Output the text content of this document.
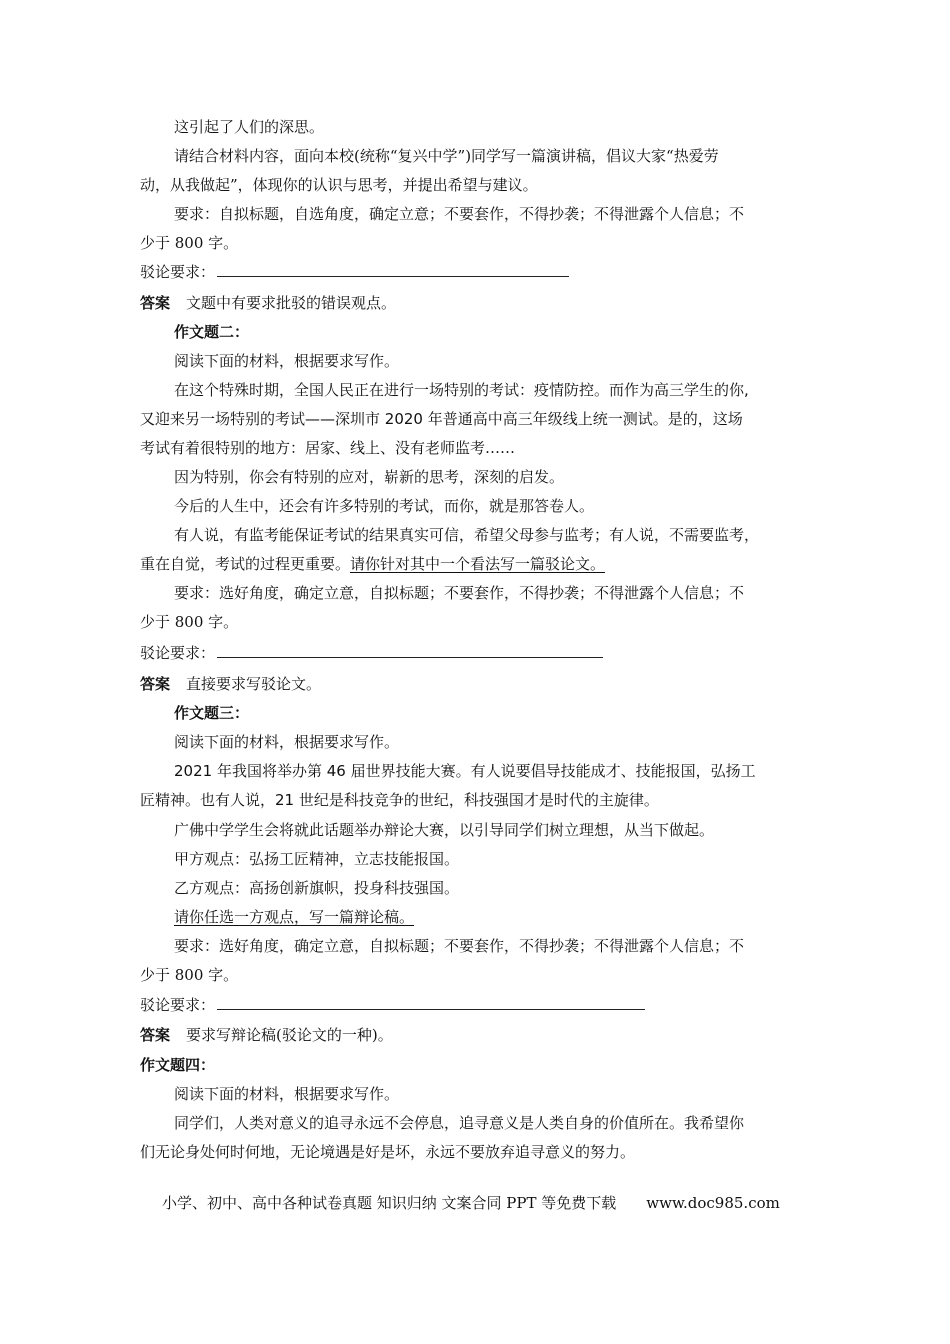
这引起了人们的深思。
请结合材料内容，面向本校(统称“复兴中学”)同学写一篇演讲稿，倡议大家“热爱劳
动，从我做起”，体现你的认识与思考，并提出希望与建议。
要求：自拟标题，自选角度，确定立意；不要套作，不得抄袭；不得泄露个人信息；不
少于 800 字。
驳论要求：
答案 文题中有要求批驳的错误观点。
作文题二：
阅读下面的材料，根据要求写作。
在这个特殊时期，全国人民正在进行一场特别的考试：疫情防控。而作为高三学生的你,
又迎来另一场特别的考试——深圳市 2020 年普通高中高三年级线上统一测试。是的，这场
考试有着很特别的地方：居家、线上、没有老师监考……
因为特别，你会有特别的应对，崭新的思考，深刻的启发。
今后的人生中，还会有许多特别的考试，而你，就是那答卷人。
有人说，有监考能保证考试的结果真实可信，希望父母参与监考；有人说，不需要监考，
重在自觉，考试的过程更重要。请你针对其中一个看法写一篇驳论文。
要求：选好角度，确定立意，自拟标题；不要套作，不得抄袭；不得泄露个人信息；不
少于 800 字。
驳论要求：
答案 直接要求写驳论文。
作文题三：
阅读下面的材料，根据要求写作。
2021 年我国将举办第 46 届世界技能大赛。有人说要倡导技能成才、技能报国，弘扬工
匠精神。也有人说，21 世纪是科技竞争的世纪，科技强国才是时代的主旋律。
广佛中学学生会将就此话题举办辩论大赛，以引导同学们树立理想，从当下做起。
甲方观点：弘扬工匠精神，立志技能报国。
乙方观点：高扬创新旗帜，投身科技强国。
请你任选一方观点，写一篇辩论稿。
要求：选好角度，确定立意，自拟标题；不要套作，不得抄袭；不得泄露个人信息；不
少于 800 字。
驳论要求：
答案 要求写辩论稿(驳论文的一种)。
作文题四：
阅读下面的材料，根据要求写作。
同学们，人类对意义的追寻永远不会停息，追寻意义是人类自身的价值所在。我希望你
们无论身处何时何地，无论境遇是好是坏，永远不要放弃追寻意义的努力。
小学、初中、高中各种试卷真题 知识归纳 文案合同 PPT 等免费下载 www.doc985.com
